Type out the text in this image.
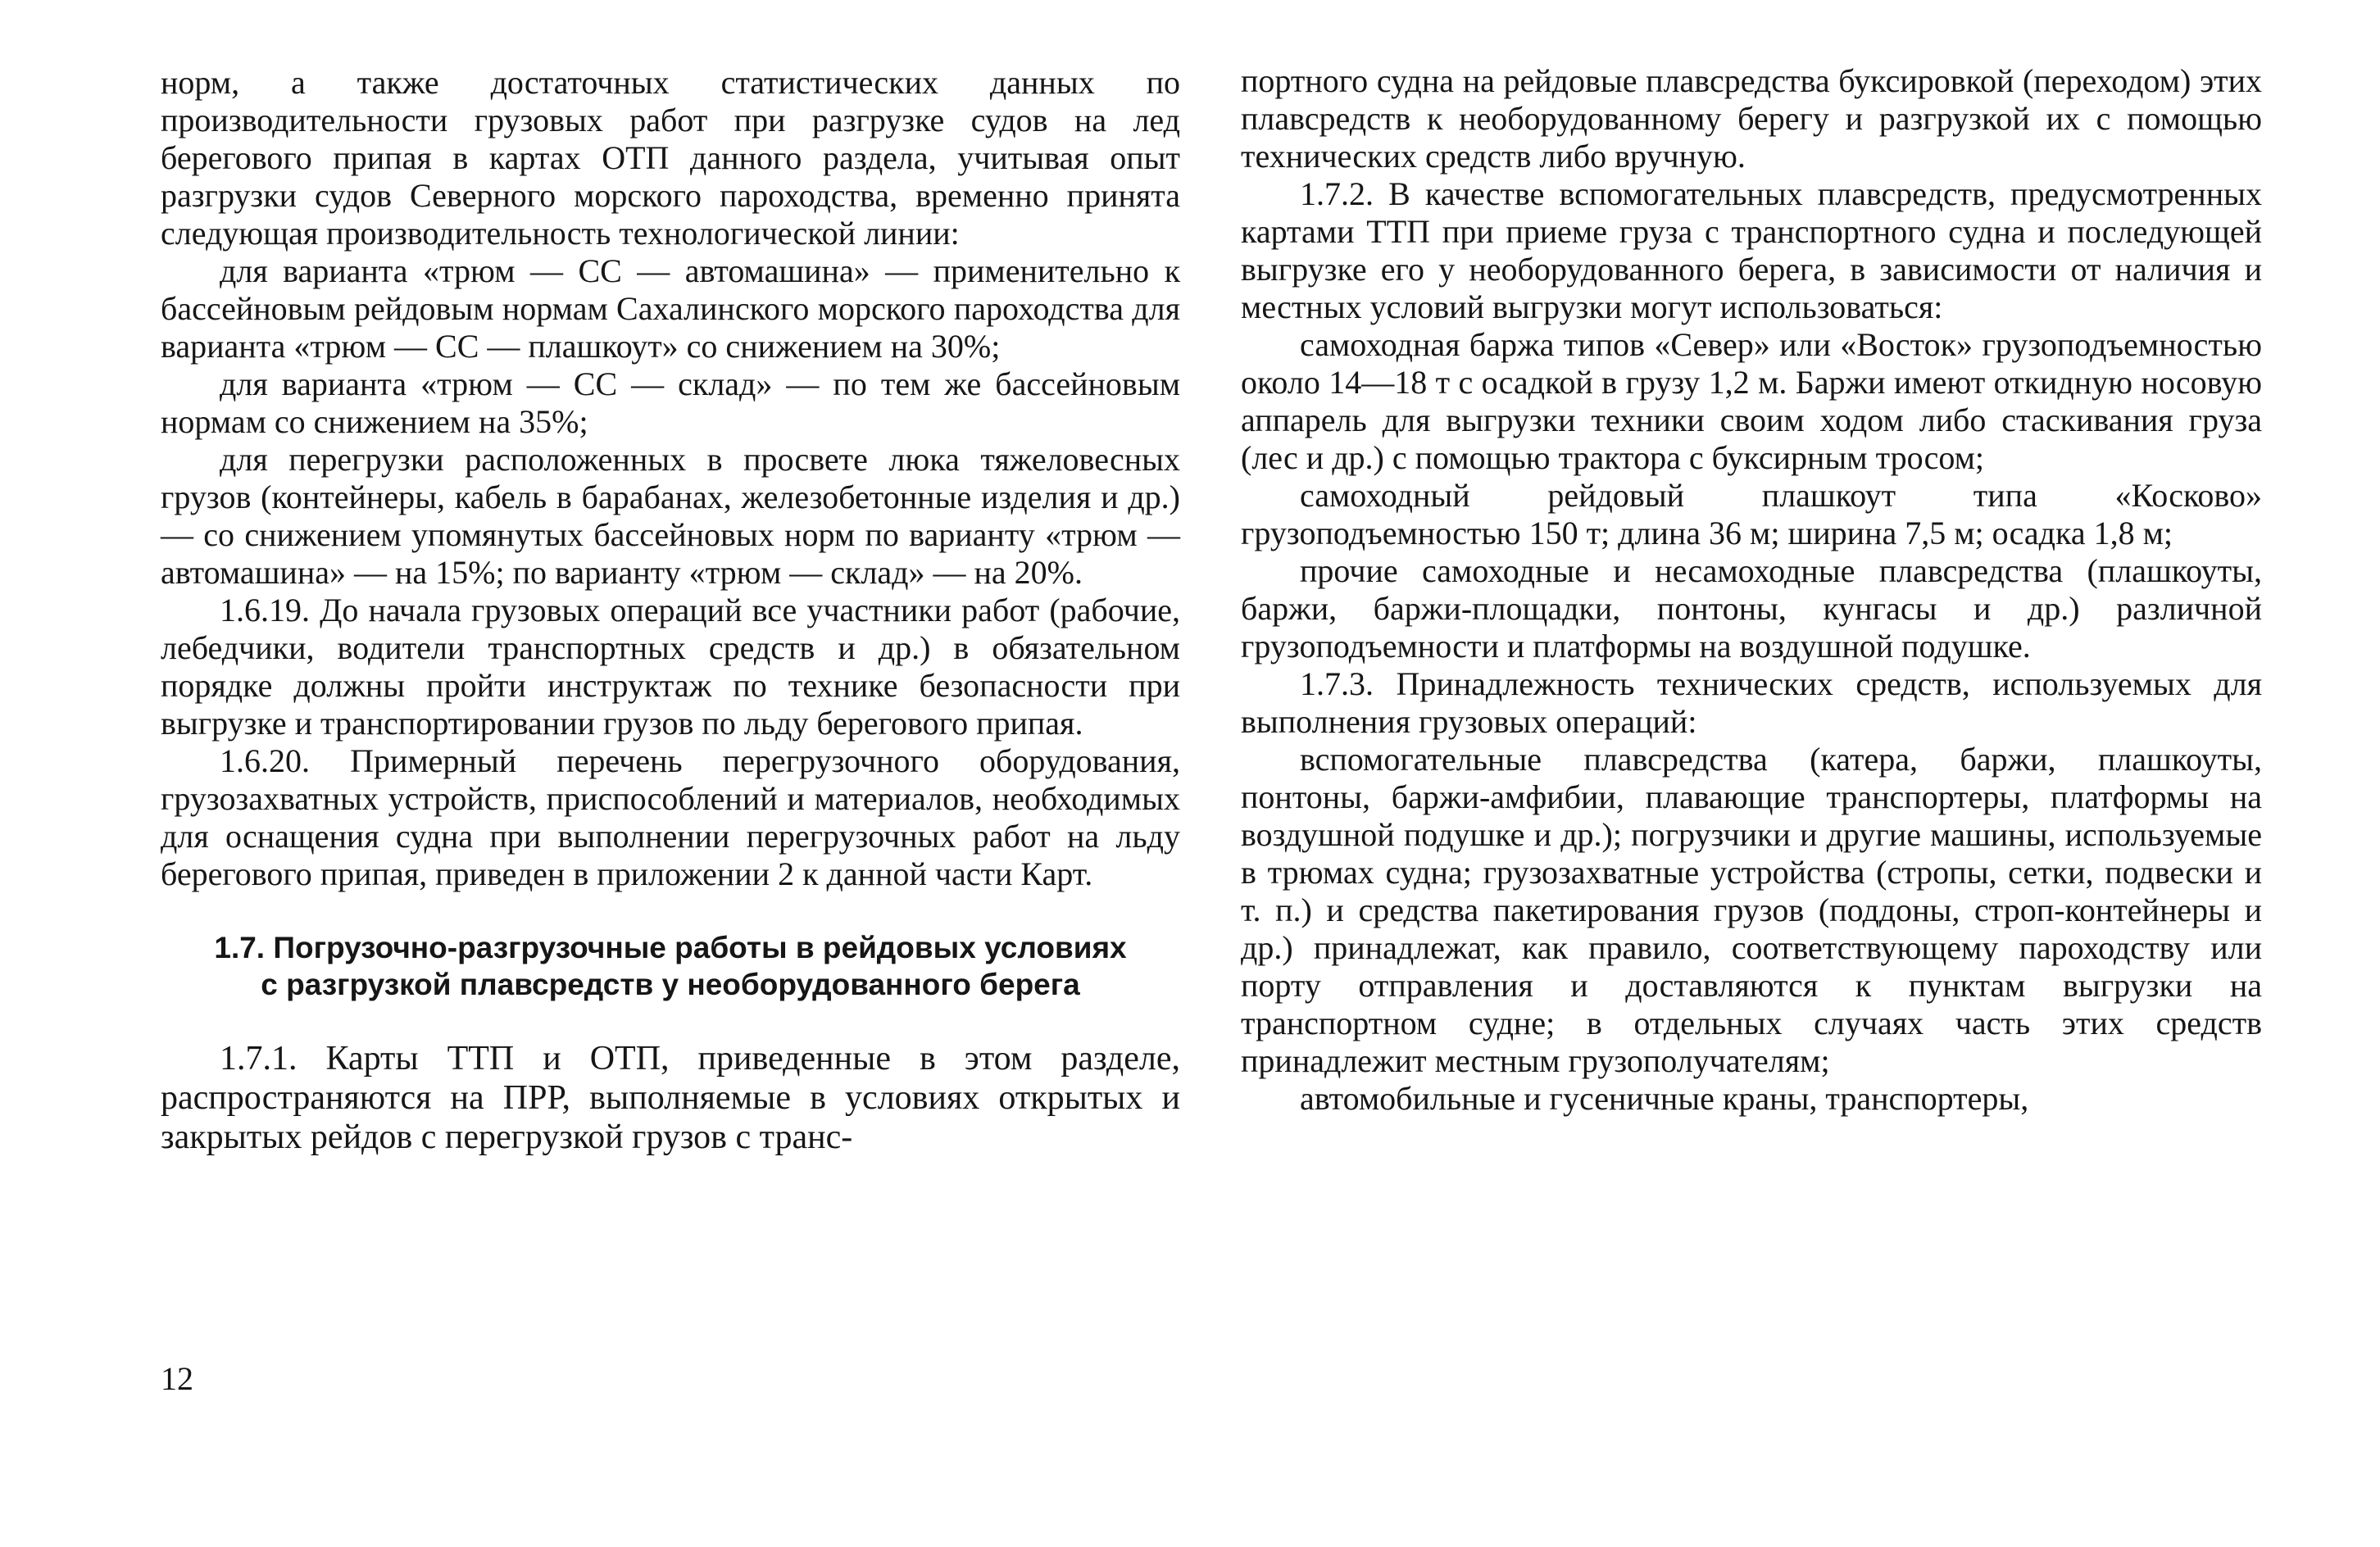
норм, а также достаточных статистических данных по производительности грузовых работ при разгрузке судов на лед берегового припая в картах ОТП данного раздела, учитывая опыт разгрузки судов Северного морского пароходства, временно принята следующая производительность технологической линии:

для варианта «трюм — СС — автомашина» — применительно к бассейновым рейдовым нормам Сахалинского морского пароходства для варианта «трюм — СС — плашкоут» со снижением на 30%;

для варианта «трюм — СС — склад» — по тем же бассейновым нормам со снижением на 35%;

для перегрузки расположенных в просвете люка тяжеловесных грузов (контейнеры, кабель в барабанах, железобетонные изделия и др.) — со снижением упомянутых бассейновых норм по варианту «трюм — автомашина» — на 15%; по варианту «трюм — склад» — на 20%.

1.6.19. До начала грузовых операций все участники работ (рабочие, лебедчики, водители транспортных средств и др.) в обязательном порядке должны пройти инструктаж по технике безопасности при выгрузке и транспортировании грузов по льду берегового припая.

1.6.20. Примерный перечень перегрузочного оборудования, грузозахватных устройств, приспособлений и материалов, необходимых для оснащения судна при выполнении перегрузочных работ на льду берегового припая, приведен в приложении 2 к данной части Карт.

1.7. Погрузочно-разгрузочные работы в рейдовых условиях с разгрузкой плавсредств у необорудованного берега

1.7.1. Карты ТТП и ОТП, приведенные в этом разделе, распространяются на ПРР, выполняемые в условиях открытых и закрытых рейдов с перегрузкой грузов с транс-

портного судна на рейдовые плавсредства буксировкой (переходом) этих плавсредств к необорудованному берегу и разгрузкой их с помощью технических средств либо вручную.

1.7.2. В качестве вспомогательных плавсредств, предусмотренных картами ТТП при приеме груза с транспортного судна и последующей выгрузке его у необорудованного берега, в зависимости от наличия и местных условий выгрузки могут использоваться:

самоходная баржа типов «Север» или «Восток» грузоподъемностью около 14—18 т с осадкой в грузу 1,2 м. Баржи имеют откидную носовую аппарель для выгрузки техники своим ходом либо стаскивания груза (лес и др.) с помощью трактора с буксирным тросом;

самоходный рейдовый плашкоут типа «Косково» грузоподъемностью 150 т; длина 36 м; ширина 7,5 м; осадка 1,8 м;

прочие самоходные и несамоходные плавсредства (плашкоуты, баржи, баржи-площадки, понтоны, кунгасы и др.) различной грузоподъемности и платформы на воздушной подушке.

1.7.3. Принадлежность технических средств, используемых для выполнения грузовых операций:

вспомогательные плавсредства (катера, баржи, плашкоуты, понтоны, баржи-амфибии, плавающие транспортеры, платформы на воздушной подушке и др.); погрузчики и другие машины, используемые в трюмах судна; грузозахватные устройства (стропы, сетки, подвески и т. п.) и средства пакетирования грузов (поддоны, строп-контейнеры и др.) принадлежат, как правило, соответствующему пароходству или порту отправления и доставляются к пунктам выгрузки на транспортном судне; в отдельных случаях часть этих средств принадлежит местным грузополучателям;

автомобильные и гусеничные краны, транспортеры,

12
